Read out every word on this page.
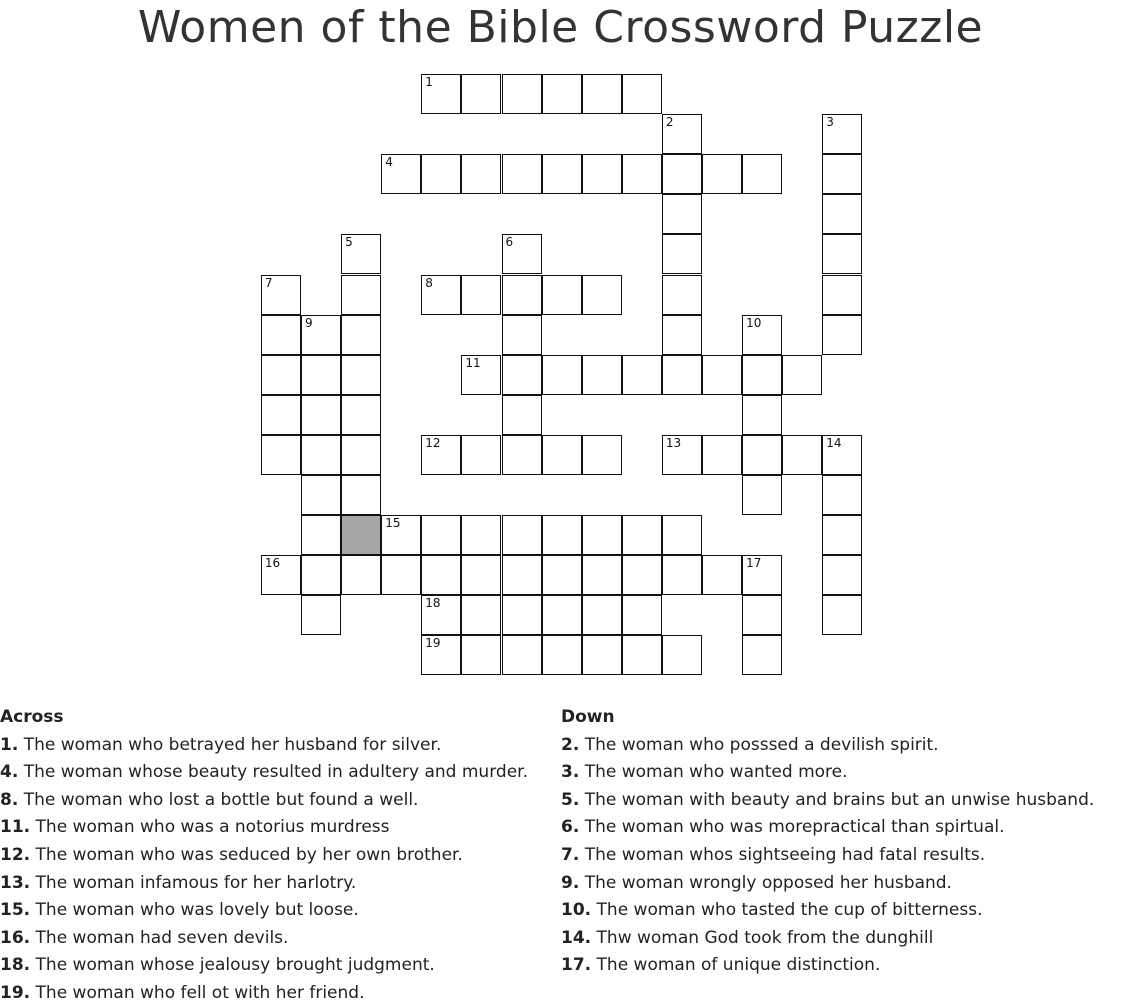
Women of the Bible Crossword Puzzle
1
2	3
4
5	6
7	8
9	10
11
12	13	14
15
16	17
18
19
Across
1. The woman who betrayed her husband for silver.
4. The woman whose beauty resulted in adultery and murder.
8. The woman who lost a bottle but found a well.
11. The woman who was a notorius murdress
12. The woman who was seduced by her own brother.
13. The woman infamous for her harlotry.
15. The woman who was lovely but loose.
16. The woman had seven devils.
18. The woman whose jealousy brought judgment.
19. The woman who fell ot with her friend.
Down
2. The woman who posssed a devilish spirit.
3. The woman who wanted more.
5. The woman with beauty and brains but an unwise husband.
6. The woman who was morepractical than spirtual.
7. The woman whos sightseeing had fatal results.
9. The woman wrongly opposed her husband.
10. The woman who tasted the cup of bitterness.
14. Thw woman God took from the dunghill
17. The woman of unique distinction.
